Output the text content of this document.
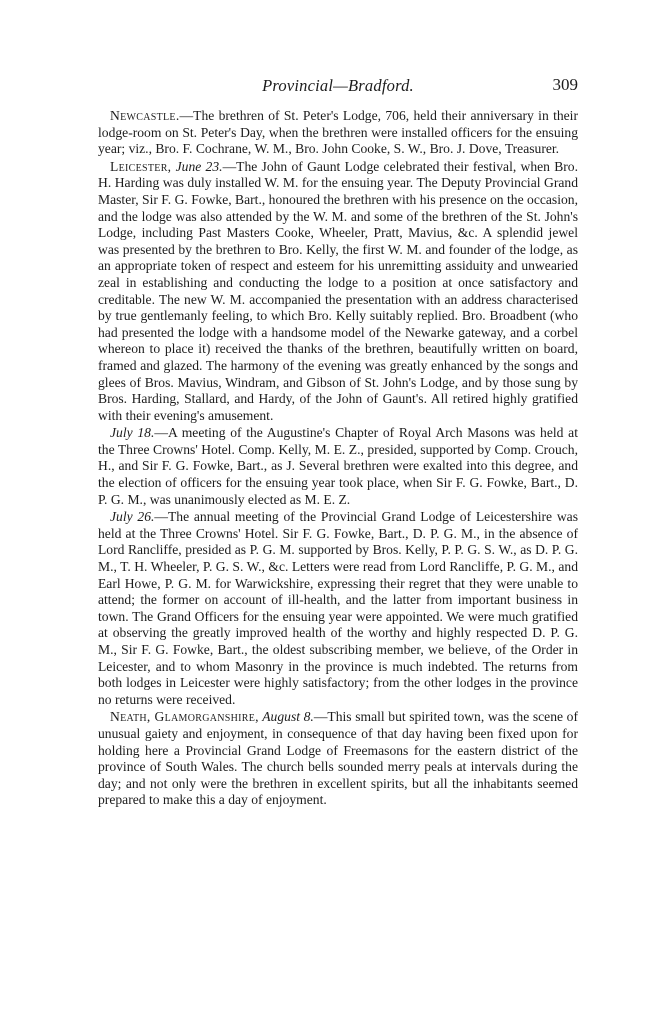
Provincial—Bradford.	309

Newcastle.—The brethren of St. Peter's Lodge, 706, held their anniversary in their lodge-room on St. Peter's Day, when the brethren were installed officers for the ensuing year; viz., Bro. F. Cochrane, W. M., Bro. John Cooke, S. W., Bro. J. Dove, Treasurer.

Leicester, June 23.—The John of Gaunt Lodge celebrated their festival, when Bro. H. Harding was duly installed W. M. for the ensuing year. The Deputy Provincial Grand Master, Sir F. G. Fowke, Bart., honoured the brethren with his presence on the occasion, and the lodge was also attended by the W. M. and some of the brethren of the St. John's Lodge, including Past Masters Cooke, Wheeler, Pratt, Mavius, &c. A splendid jewel was presented by the brethren to Bro. Kelly, the first W. M. and founder of the lodge, as an appropriate token of respect and esteem for his unremitting assiduity and unwearied zeal in establishing and conducting the lodge to a position at once satisfactory and creditable. The new W. M. accompanied the presentation with an address characterised by true gentlemanly feeling, to which Bro. Kelly suitably replied. Bro. Broadbent (who had presented the lodge with a handsome model of the Newarke gateway, and a corbel whereon to place it) received the thanks of the brethren, beautifully written on board, framed and glazed. The harmony of the evening was greatly enhanced by the songs and glees of Bros. Mavius, Windram, and Gibson of St. John's Lodge, and by those sung by Bros. Harding, Stallard, and Hardy, of the John of Gaunt's. All retired highly gratified with their evening's amusement.

July 18.—A meeting of the Augustine's Chapter of Royal Arch Masons was held at the Three Crowns' Hotel. Comp. Kelly, M. E. Z., presided, supported by Comp. Crouch, H., and Sir F. G. Fowke, Bart., as J. Several brethren were exalted into this degree, and the election of officers for the ensuing year took place, when Sir F. G. Fowke, Bart., D. P. G. M., was unanimously elected as M. E. Z.

July 26.—The annual meeting of the Provincial Grand Lodge of Leicestershire was held at the Three Crowns' Hotel. Sir F. G. Fowke, Bart., D. P. G. M., in the absence of Lord Rancliffe, presided as P. G. M. supported by Bros. Kelly, P. P. G. S. W., as D. P. G. M., T. H. Wheeler, P. G. S. W., &c. Letters were read from Lord Rancliffe, P. G. M., and Earl Howe, P. G. M. for Warwickshire, expressing their regret that they were unable to attend; the former on account of ill-health, and the latter from important business in town. The Grand Officers for the ensuing year were appointed. We were much gratified at observing the greatly improved health of the worthy and highly respected D. P. G. M., Sir F. G. Fowke, Bart., the oldest subscribing member, we believe, of the Order in Leicester, and to whom Masonry in the province is much indebted. The returns from both lodges in Leicester were highly satisfactory; from the other lodges in the province no returns were received.

Neath, Glamorganshire, August 8.—This small but spirited town, was the scene of unusual gaiety and enjoyment, in consequence of that day having been fixed upon for holding here a Provincial Grand Lodge of Freemasons for the eastern district of the province of South Wales. The church bells sounded merry peals at intervals during the day; and not only were the brethren in excellent spirits, but all the inhabitants seemed prepared to make this a day of enjoyment.
